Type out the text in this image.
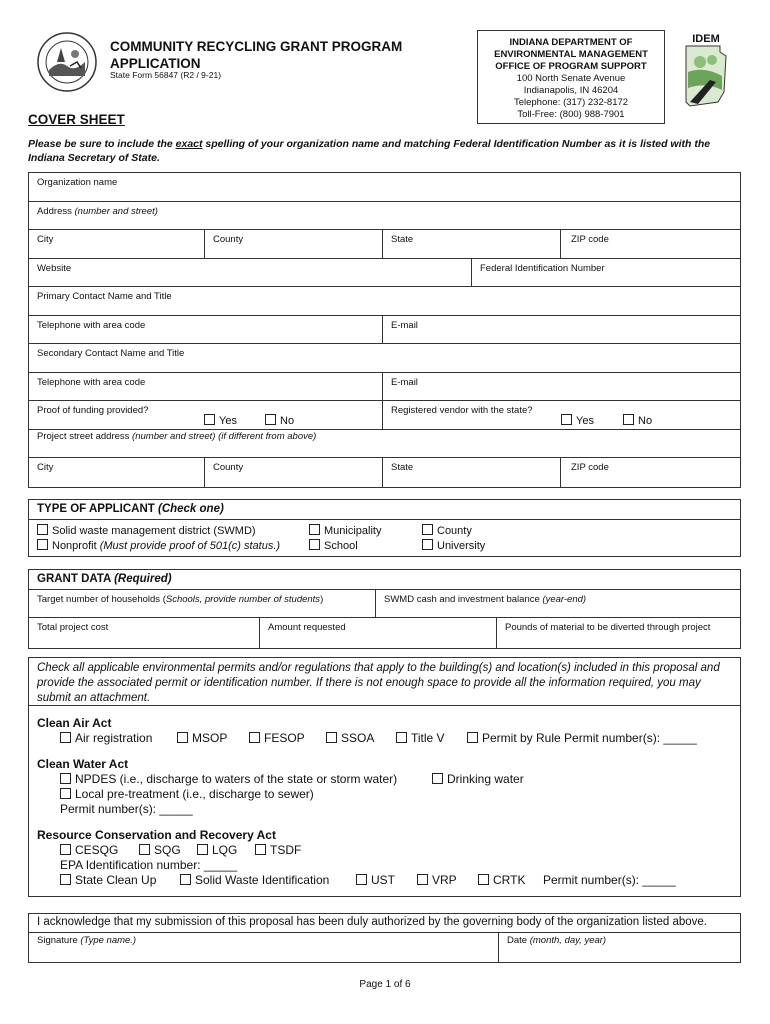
COMMUNITY RECYCLING GRANT PROGRAM
APPLICATION
State Form 56847 (R2 / 9-21)
INDIANA DEPARTMENT OF
ENVIRONMENTAL MANAGEMENT
OFFICE OF PROGRAM SUPPORT
100 North Senate Avenue
Indianapolis, IN 46204
Telephone: (317) 232-8172
Toll-Free: (800) 988-7901
IDEM
COVER SHEET
Please be sure to include the exact spelling of your organization name and matching Federal Identification Number as it is listed with the Indiana Secretary of State.
Organization name
Address (number and street)
City	County	State	ZIP code
Website	Federal Identification Number
Primary Contact Name and Title
Telephone with area code	E-mail
Secondary Contact Name and Title
Telephone with area code	E-mail
Proof of funding provided?
Yes	No
Registered vendor with the state?
Yes	No
Project street address (number and street) (if different from above)
City	County	State	ZIP code
TYPE OF APPLICANT (Check one)
Solid waste management district (SWMD)
Nonprofit (Must provide proof of 501(c) status.)
Municipality
School
County
University
GRANT DATA (Required)
Target number of households (Schools, provide number of students)	SWMD cash and investment balance (year-end)
Total project cost	Amount requested	Pounds of material to be diverted through project
Check all applicable environmental permits and/or regulations that apply to the building(s) and location(s) included in this proposal and provide the associated permit or identification number. If there is not enough space to provide all the information required, you may submit an attachment.
Clean Air Act
Air registration	MSOP	FESOP	SSOA	Title V	Permit by Rule Permit number(s): _____
Clean Water Act
NPDES (i.e., discharge to waters of the state or storm water)	Drinking water
Local pre-treatment (i.e., discharge to sewer)
Permit number(s): _____
Resource Conservation and Recovery Act
CESQG	SQG	LQG	TSDF
EPA Identification number: _____
State Clean Up	Solid Waste Identification	UST	VRP	CRTK Permit number(s): _____
I acknowledge that my submission of this proposal has been duly authorized by the governing body of the organization listed above.
Signature (Type name.)	Date (month, day, year)
Page 1 of 6
